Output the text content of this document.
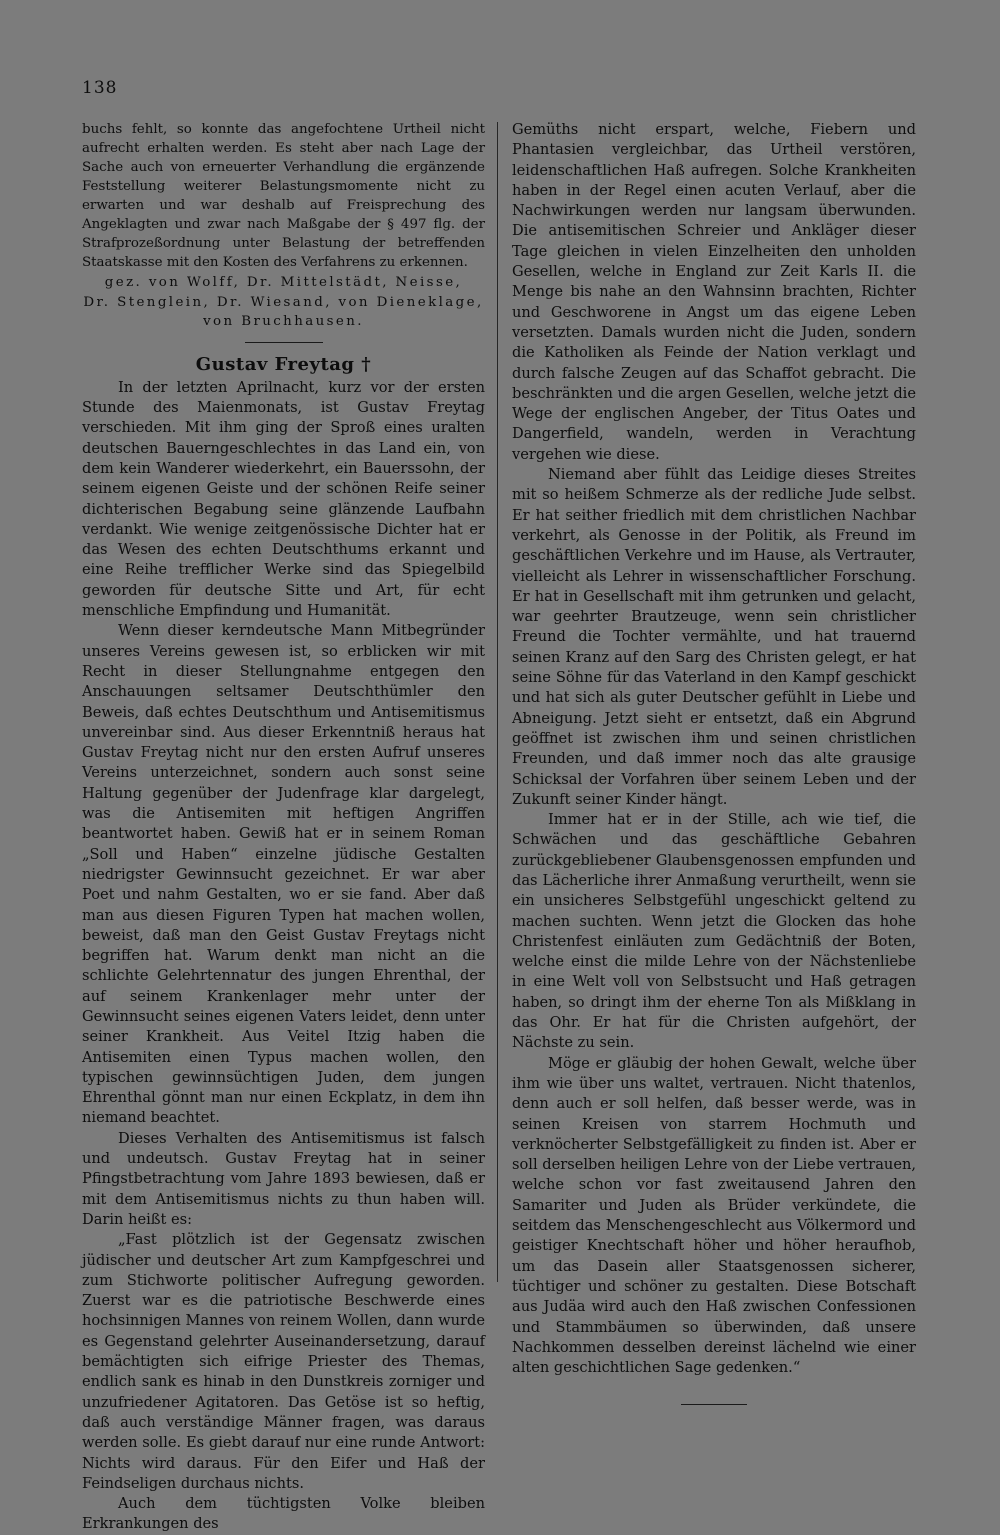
138

buchs fehlt, so konnte das angefochtene Urtheil nicht aufrecht erhalten werden. Es steht aber nach Lage der Sache auch von erneuerter Verhandlung die ergänzende Feststellung weiterer Belastungsmomente nicht zu erwarten und war deshalb auf Freisprechung des Angeklagten und zwar nach Maßgabe der § 497 flg. der Strafprozeßordnung unter Belastung der betreffenden Staatskasse mit den Kosten des Verfahrens zu erkennen.

gez. von Wolff, Dr. Mittelstädt, Neisse,
Dr. Stenglein, Dr. Wiesand, von Dieneklage,
von Bruchhausen.
Gustav Freytag †

In der letzten Aprilnacht, kurz vor der ersten Stunde des Maienmonats, ist Gustav Freytag verschieden. Mit ihm ging der Sproß eines uralten deutschen Bauerngeschlechtes in das Land ein, von dem kein Wanderer wiederkehrt, ein Bauerssohn, der seinem eigenen Geiste und der schönen Reife seiner dichterischen Begabung seine glänzende Laufbahn verdankt. Wie wenige zeitgenössische Dichter hat er das Wesen des echten Deutschthums erkannt und eine Reihe trefflicher Werke sind das Spiegelbild geworden für deutsche Sitte und Art, für echt menschliche Empfindung und Humanität.

Wenn dieser kerndeutsche Mann Mitbegründer unseres Vereins gewesen ist, so erblicken wir mit Recht in dieser Stellungnahme entgegen den Anschauungen seltsamer Deutschthümler den Beweis, daß echtes Deutschthum und Antisemitismus unvereinbar sind. Aus dieser Erkenntniß heraus hat Gustav Freytag nicht nur den ersten Aufruf unseres Vereins unterzeichnet, sondern auch sonst seine Haltung gegenüber der Judenfrage klar dargelegt, was die Antisemiten mit heftigen Angriffen beantwortet haben. Gewiß hat er in seinem Roman „Soll und Haben“ einzelne jüdische Gestalten niedrigster Gewinnsucht gezeichnet. Er war aber Poet und nahm Gestalten, wo er sie fand. Aber daß man aus diesen Figuren Typen hat machen wollen, beweist, daß man den Geist Gustav Freytags nicht begriffen hat. Warum denkt man nicht an die schlichte Gelehrtennatur des jungen Ehrenthal, der auf seinem Krankenlager mehr unter der Gewinnsucht seines eigenen Vaters leidet, denn unter seiner Krankheit. Aus Veitel Itzig haben die Antisemiten einen Typus machen wollen, den typischen gewinnsüchtigen Juden, dem jungen Ehrenthal gönnt man nur einen Eckplatz, in dem ihn niemand beachtet.

Dieses Verhalten des Antisemitismus ist falsch und undeutsch. Gustav Freytag hat in seiner Pfingstbetrachtung vom Jahre 1893 bewiesen, daß er mit dem Antisemitismus nichts zu thun haben will. Darin heißt es:

„Fast plötzlich ist der Gegensatz zwischen jüdischer und deutscher Art zum Kampfgeschrei und zum Stichworte politischer Aufregung geworden. Zuerst war es die patriotische Beschwerde eines hochsinnigen Mannes von reinem Wollen, dann wurde es Gegenstand gelehrter Auseinandersetzung, darauf bemächtigten sich eifrige Priester des Themas, endlich sank es hinab in den Dunstkreis zorniger und unzufriedener Agitatoren. Das Getöse ist so heftig, daß auch verständige Männer fragen, was daraus werden solle. Es giebt darauf nur eine runde Antwort: Nichts wird daraus. Für den Eifer und Haß der Feindseligen durchaus nichts.

Auch dem tüchtigsten Volke bleiben Erkrankungen des

Gemüths nicht erspart, welche, Fiebern und Phantasien vergleichbar, das Urtheil verstören, leidenschaftlichen Haß aufregen. Solche Krankheiten haben in der Regel einen acuten Verlauf, aber die Nachwirkungen werden nur langsam überwunden. Die antisemitischen Schreier und Ankläger dieser Tage gleichen in vielen Einzelheiten den unholden Gesellen, welche in England zur Zeit Karls II. die Menge bis nahe an den Wahnsinn brachten, Richter und Geschworene in Angst um das eigene Leben versetzten. Damals wurden nicht die Juden, sondern die Katholiken als Feinde der Nation verklagt und durch falsche Zeugen auf das Schaffot gebracht. Die beschränkten und die argen Gesellen, welche jetzt die Wege der englischen Angeber, der Titus Oates und Dangerfield, wandeln, werden in Verachtung vergehen wie diese.

Niemand aber fühlt das Leidige dieses Streites mit so heißem Schmerze als der redliche Jude selbst. Er hat seither friedlich mit dem christlichen Nachbar verkehrt, als Genosse in der Politik, als Freund im geschäftlichen Verkehre und im Hause, als Vertrauter, vielleicht als Lehrer in wissenschaftlicher Forschung. Er hat in Gesellschaft mit ihm getrunken und gelacht, war geehrter Brautzeuge, wenn sein christlicher Freund die Tochter vermählte, und hat trauernd seinen Kranz auf den Sarg des Christen gelegt, er hat seine Söhne für das Vaterland in den Kampf geschickt und hat sich als guter Deutscher gefühlt in Liebe und Abneigung. Jetzt sieht er entsetzt, daß ein Abgrund geöffnet ist zwischen ihm und seinen christlichen Freunden, und daß immer noch das alte grausige Schicksal der Vorfahren über seinem Leben und der Zukunft seiner Kinder hängt.

Immer hat er in der Stille, ach wie tief, die Schwächen und das geschäftliche Gebahren zurückgebliebener Glaubensgenossen empfunden und das Lächerliche ihrer Anmaßung verurtheilt, wenn sie ein unsicheres Selbstgefühl ungeschickt geltend zu machen suchten. Wenn jetzt die Glocken das hohe Christenfest einläuten zum Gedächtniß der Boten, welche einst die milde Lehre von der Nächstenliebe in eine Welt voll von Selbstsucht und Haß getragen haben, so dringt ihm der eherne Ton als Mißklang in das Ohr. Er hat für die Christen aufgehört, der Nächste zu sein.

Möge er gläubig der hohen Gewalt, welche über ihm wie über uns waltet, vertrauen. Nicht thatenlos, denn auch er soll helfen, daß besser werde, was in seinen Kreisen von starrem Hochmuth und verknöcherter Selbstgefälligkeit zu finden ist. Aber er soll derselben heiligen Lehre von der Liebe vertrauen, welche schon vor fast zweitausend Jahren den Samariter und Juden als Brüder verkündete, die seitdem das Menschengeschlecht aus Völkermord und geistiger Knechtschaft höher und höher heraufhob, um das Dasein aller Staatsgenossen sicherer, tüchtiger und schöner zu gestalten. Diese Botschaft aus Judäa wird auch den Haß zwischen Confessionen und Stammbäumen so überwinden, daß unsere Nachkommen desselben dereinst lächelnd wie einer alten geschichtlichen Sage gedenken.“
